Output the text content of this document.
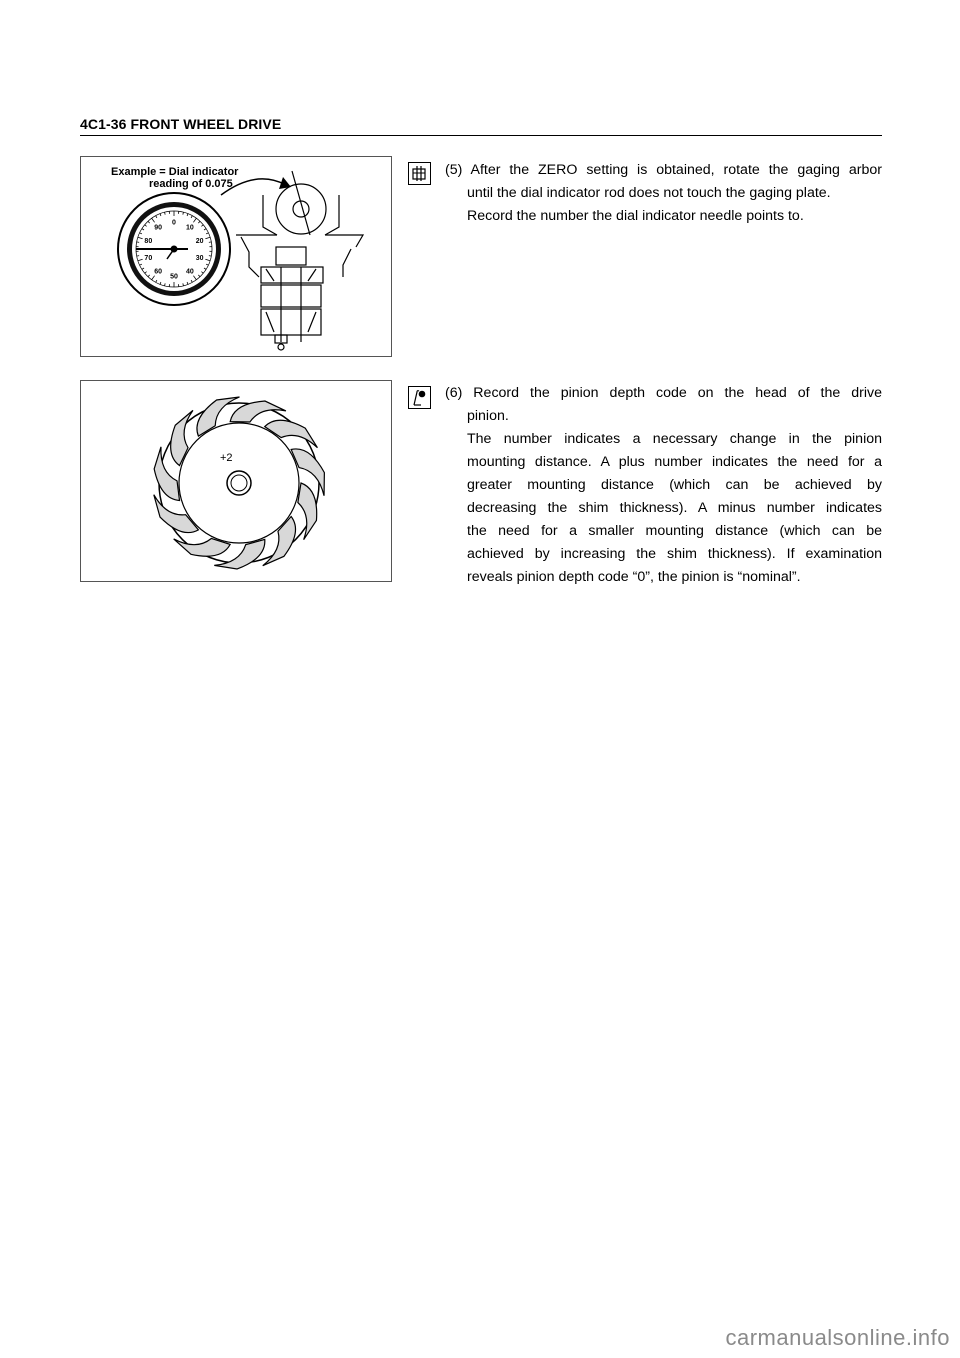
4C1-36 FRONT WHEEL DRIVE
Example = Dial indicator
reading of 0.075
0
10
20
30
40
50
60
70
80
90

(5) After the ZERO setting is obtained, rotate the gaging arbor

until the dial indicator rod does not touch the gaging plate.

Record the number the dial indicator needle points to.

+2

(6) Record the pinion depth code on the head of the drive

pinion.

The number indicates a necessary change in the pinion

mounting distance. A plus number indicates the need for a

greater mounting distance (which can be achieved by

decreasing the shim thickness). A minus number indicates

the need for a smaller mounting distance (which can be

achieved by increasing the shim thickness). If examination

reveals pinion depth code “0”, the pinion is “nominal”.

carmanualsonline.info
